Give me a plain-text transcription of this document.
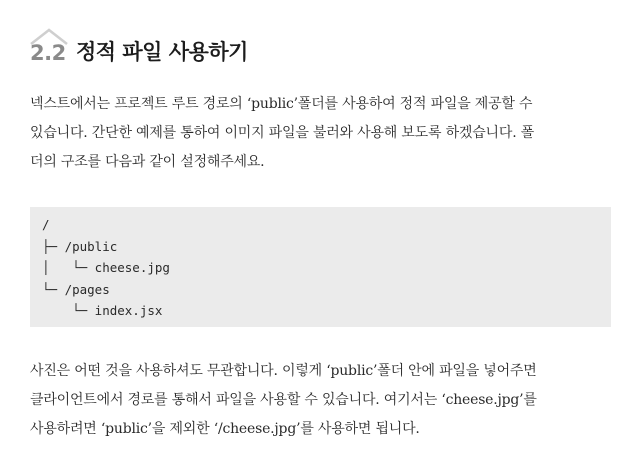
2.2 정적 파일 사용하기

넥스트에서는 프로젝트 루트 경로의 ‘public’폴더를 사용하여 정적 파일을 제공할 수
있습니다. 간단한 예제를 통하여 이미지 파일을 불러와 사용해 보도록 하겠습니다. 폴
더의 구조를 다음과 같이 설정해주세요.

/
├─ /public
│   └─ cheese.jpg
└─ /pages
└─ index.jsx

사진은 어떤 것을 사용하셔도 무관합니다. 이렇게 ‘public’폴더 안에 파일을 넣어주면
클라이언트에서 경로를 통해서 파일을 사용할 수 있습니다. 여기서는 ‘cheese.jpg’를
사용하려면 ‘public’을 제외한 ‘/cheese.jpg’를 사용하면 됩니다.
